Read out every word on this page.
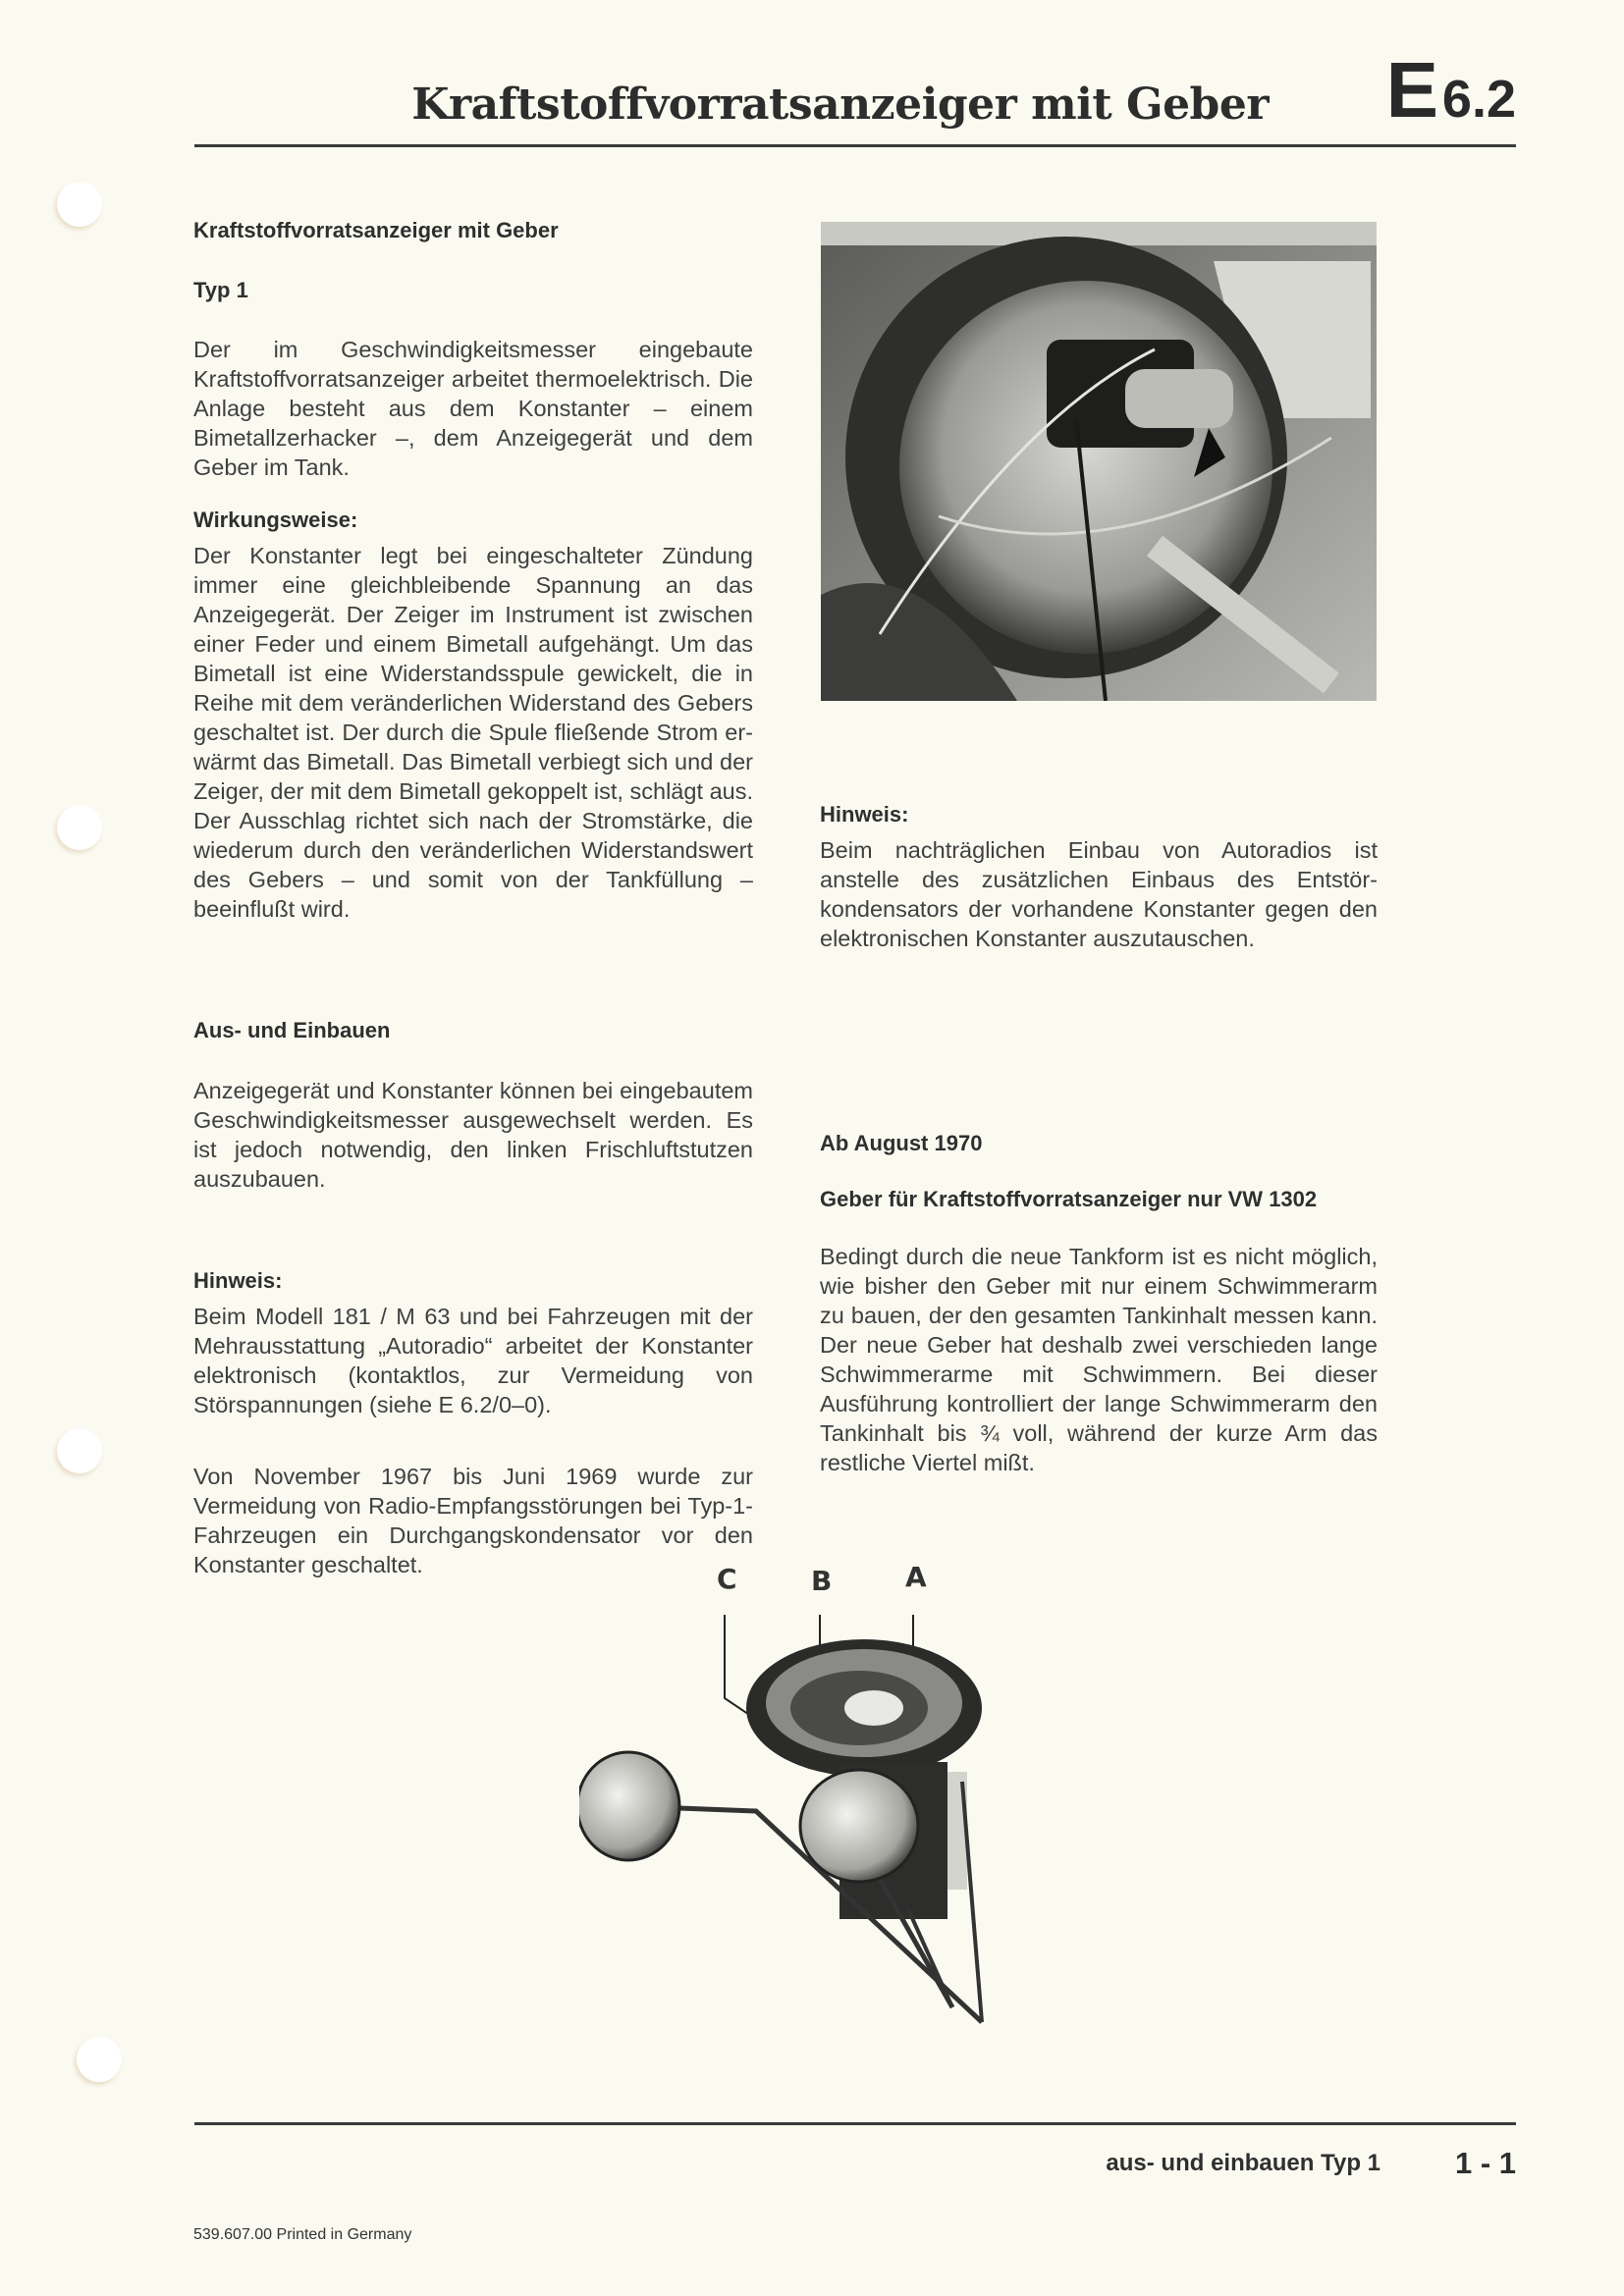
Kraftstoffvorratsanzeiger mit Geber E 6.2
Kraftstoffvorratsanzeiger mit Geber
Typ 1
Der im Geschwindigkeitsmesser eingebaute Kraftstoffvorratsanzeiger arbeitet thermoelektrisch. Die Anlage besteht aus dem Konstanter – einem Bimetallzerhacker –, dem Anzeigegerät und dem Geber im Tank.
Wirkungsweise:
Der Konstanter legt bei eingeschalteter Zündung immer eine gleichbleibende Spannung an das Anzeigegerät. Der Zeiger im Instrument ist zwischen einer Feder und einem Bimetall aufgehängt. Um das Bimetall ist eine Widerstandsspule gewickelt, die in Reihe mit dem veränderlichen Widerstand des Gebers geschaltet ist. Der durch die Spule fließende Strom erwärmt das Bimetall. Das Bimetall verbiegt sich und der Zeiger, der mit dem Bimetall gekoppelt ist, schlägt aus. Der Ausschlag richtet sich nach der Stromstärke, die wiederum durch den veränderlichen Widerstandswert des Gebers – und somit von der Tankfüllung – beeinflußt wird.
Aus- und Einbauen
Anzeigegerät und Konstanter können bei eingebautem Geschwindigkeitsmesser ausgewechselt werden. Es ist jedoch notwendig, den linken Frischluftstutzen auszubauen.
Hinweis:
Beim Modell 181 / M 63 und bei Fahrzeugen mit der Mehrausstattung „Autoradio“ arbeitet der Konstanter elektronisch (kontaktlos, zur Vermeidung von Störspannungen (siehe E 6.2/0–0).
Von November 1967 bis Juni 1969 wurde zur Vermeidung von Radio-Empfangsstörungen bei Typ-1-Fahrzeugen ein Durchgangskondensator vor den Konstanter geschaltet.
Hinweis:
Beim nachträglichen Einbau von Autoradios ist anstelle des zusätzlichen Einbaus des Entstörkondensators der vorhandene Konstanter gegen den elektronischen Konstanter auszutauschen.
Ab August 1970
Geber für Kraftstoffvorratsanzeiger nur VW 1302
Bedingt durch die neue Tankform ist es nicht möglich, wie bisher den Geber mit nur einem Schwimmerarm zu bauen, der den gesamten Tankinhalt messen kann. Der neue Geber hat deshalb zwei verschieden lange Schwimmerarme mit Schwimmern. Bei dieser Ausführung kontrolliert der lange Schwimmerarm den Tankinhalt bis ¾ voll, während der kurze Arm das restliche Viertel mißt.
C	B	A
aus- und einbauen Typ 1 1 - 1
539.607.00 Printed in Germany
